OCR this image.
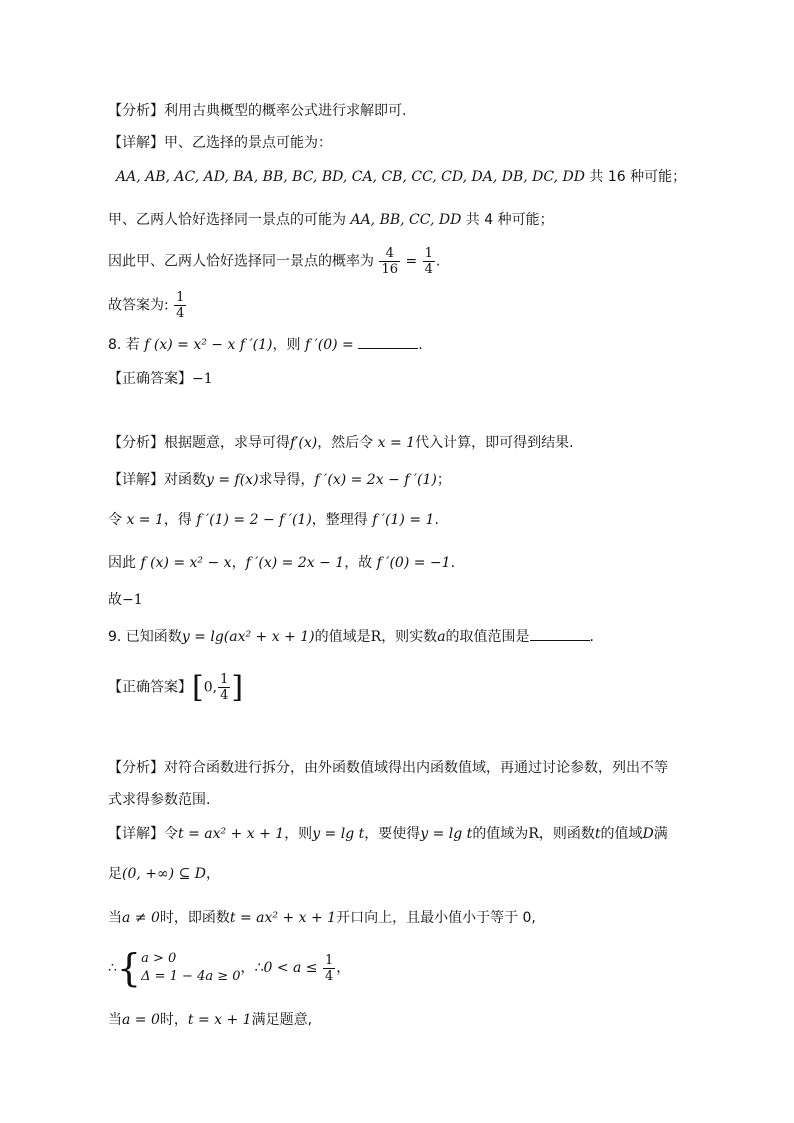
【分析】利用古典概型的概率公式进行求解即可.
【详解】甲、乙选择的景点可能为：
AA, AB, AC, AD, BA, BB, BC, BD, CA, CB, CC, CD, DA, DB, DC, DD 共 16 种可能；
甲、乙两人恰好选择同一景点的可能为 AA, BB, CC, DD 共 4 种可能；
因此甲、乙两人恰好选择同一景点的概率为 $\frac{4}{16} = \frac{1}{4}$ .
故答案为: $\frac{1}{4}$
8. 若 f (x) = x² − x f ′(1)，则 f ′(0) =	.
【正确答案】−1
【分析】根据题意，求导可得f′(x)，然后令 x = 1代入计算，即可得到结果.
【详解】对函数y = f(x)求导得，f ′(x) = 2x − f ′(1)；
令 x = 1，得 f ′(1) = 2 − f ′(1)，整理得 f ′(1) = 1.
因此 f (x) = x² − x，f ′(x) = 2x − 1，故 f ′(0) = −1.
故−1
9. 已知函数y = lg(ax² + x + 1)的值域是R，则实数a的取值范围是	.
【正确答案】[0, $\frac{1}{4}$ ]
【分析】对符合函数进行拆分，由外函数值域得出内函数值域，再通过讨论参数，列出不等
式求得参数范围.
【详解】令t = ax² + x + 1，则y = lg t，要使得y = lg t的值域为R，则函数t的值域D满
足(0, +∞) ⊆ D，
当a ≠ 0时，即函数t = ax² + x + 1开口向上，且最小值小于等于 0,
∴{ a > 0
Δ = 1 − 4a ≥ 0
，∴0 < $a \le \frac{1}{4}$ ，
当a = 0时，t = x + 1满足题意,
